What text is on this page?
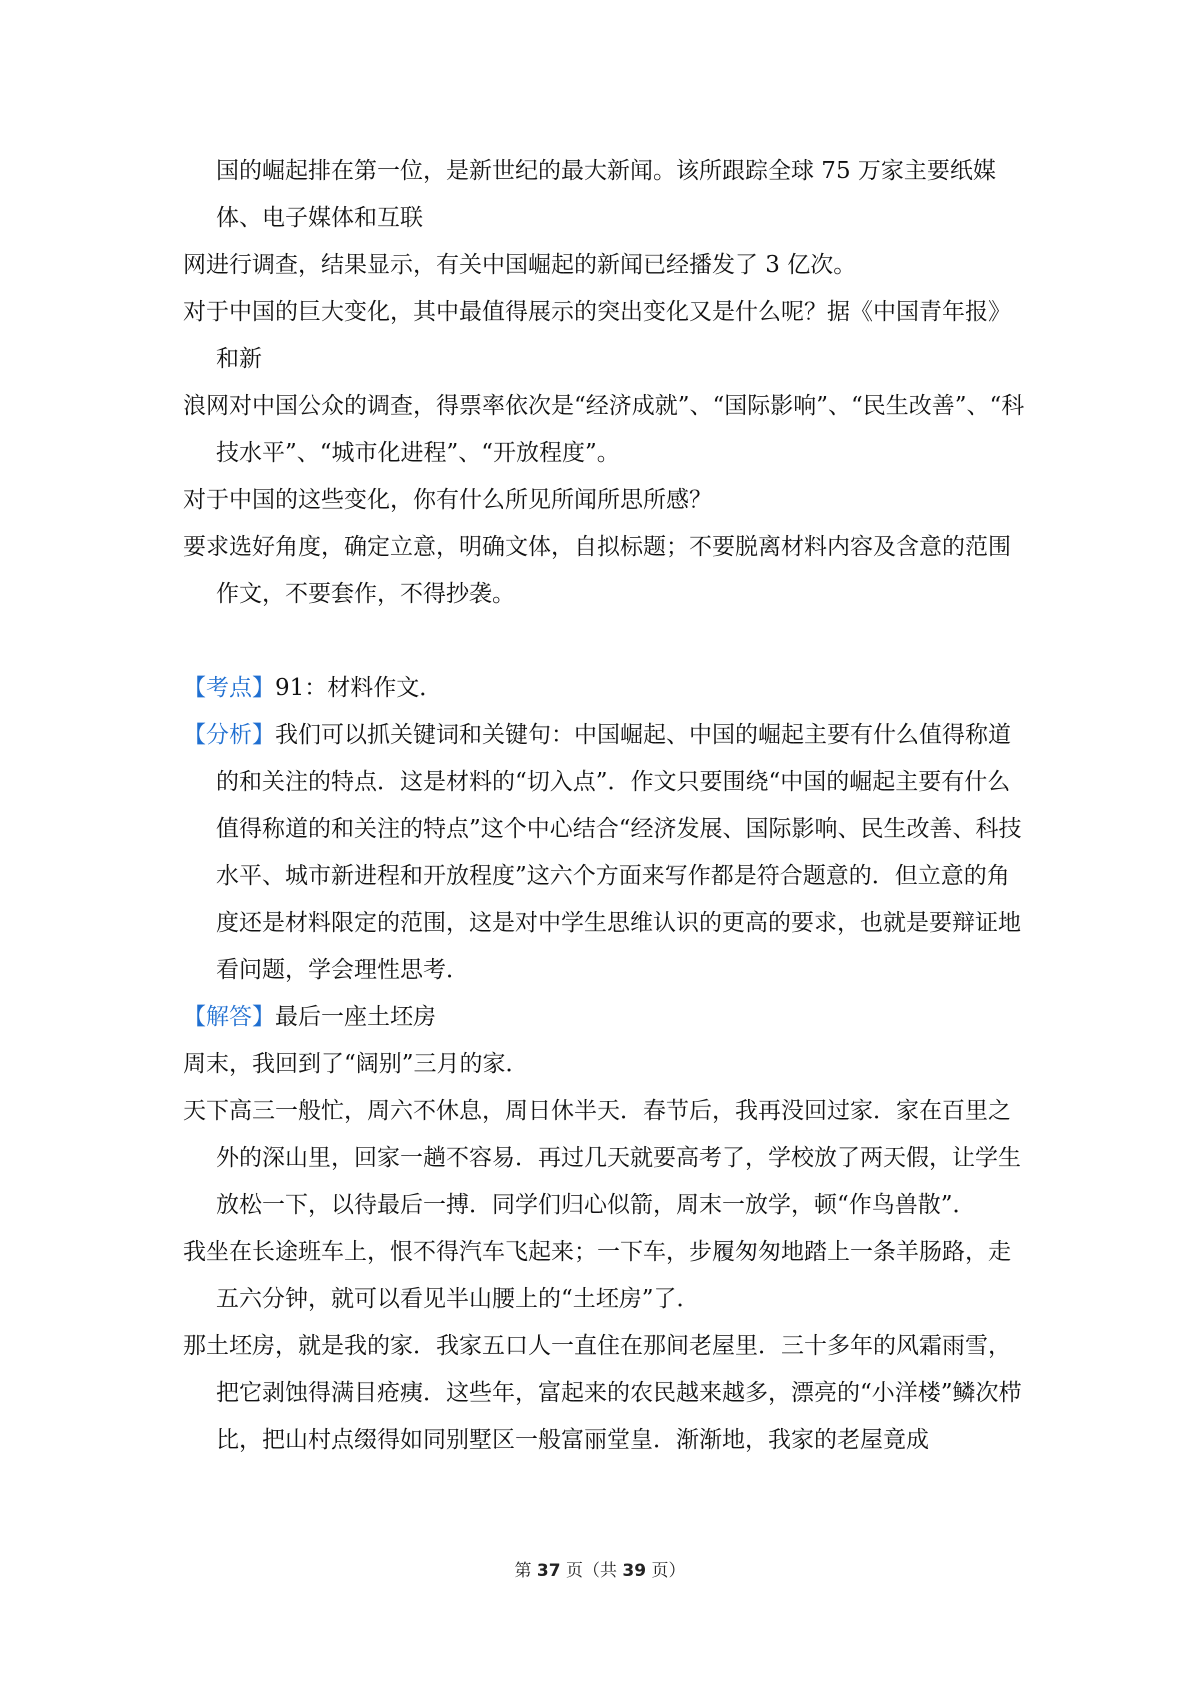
国的崛起排在第一位，是新世纪的最大新闻。该所跟踪全球 75 万家主要纸媒体、电子媒体和互联

网进行调查，结果显示，有关中国崛起的新闻已经播发了 3 亿次。

对于中国的巨大变化，其中最值得展示的突出变化又是什么呢？据《中国青年报》和新

浪网对中国公众的调查，得票率依次是“经济成就”、“国际影响”、“民生改善”、“科技水平”、“城市化进程”、“开放程度”。

对于中国的这些变化，你有什么所见所闻所思所感？

要求选好角度，确定立意，明确文体，自拟标题；不要脱离材料内容及含意的范围作文，不要套作，不得抄袭。

【考点】91：材料作文．

【分析】我们可以抓关键词和关键句：中国崛起、中国的崛起主要有什么值得称道的和关注的特点．这是材料的“切入点”．作文只要围绕“中国的崛起主要有什么值得称道的和关注的特点”这个中心结合“经济发展、国际影响、民生改善、科技水平、城市新进程和开放程度”这六个方面来写作都是符合题意的．但立意的角度还是材料限定的范围，这是对中学生思维认识的更高的要求，也就是要辩证地看问题，学会理性思考．

【解答】最后一座土坯房

周末，我回到了“阔别”三月的家．

天下高三一般忙，周六不休息，周日休半天．春节后，我再没回过家．家在百里之外的深山里，回家一趟不容易．再过几天就要高考了，学校放了两天假，让学生放松一下，以待最后一搏．同学们归心似箭，周末一放学，顿“作鸟兽散”．

我坐在长途班车上，恨不得汽车飞起来；一下车，步履匆匆地踏上一条羊肠路，走五六分钟，就可以看见半山腰上的“土坯房”了．

那土坯房，就是我的家．我家五口人一直住在那间老屋里．三十多年的风霜雨雪，把它剥蚀得满目疮痍．这些年，富起来的农民越来越多，漂亮的“小洋楼”鳞次栉比，把山村点缀得如同别墅区一般富丽堂皇．渐渐地，我家的老屋竟成

第 37 页（共 39 页）
